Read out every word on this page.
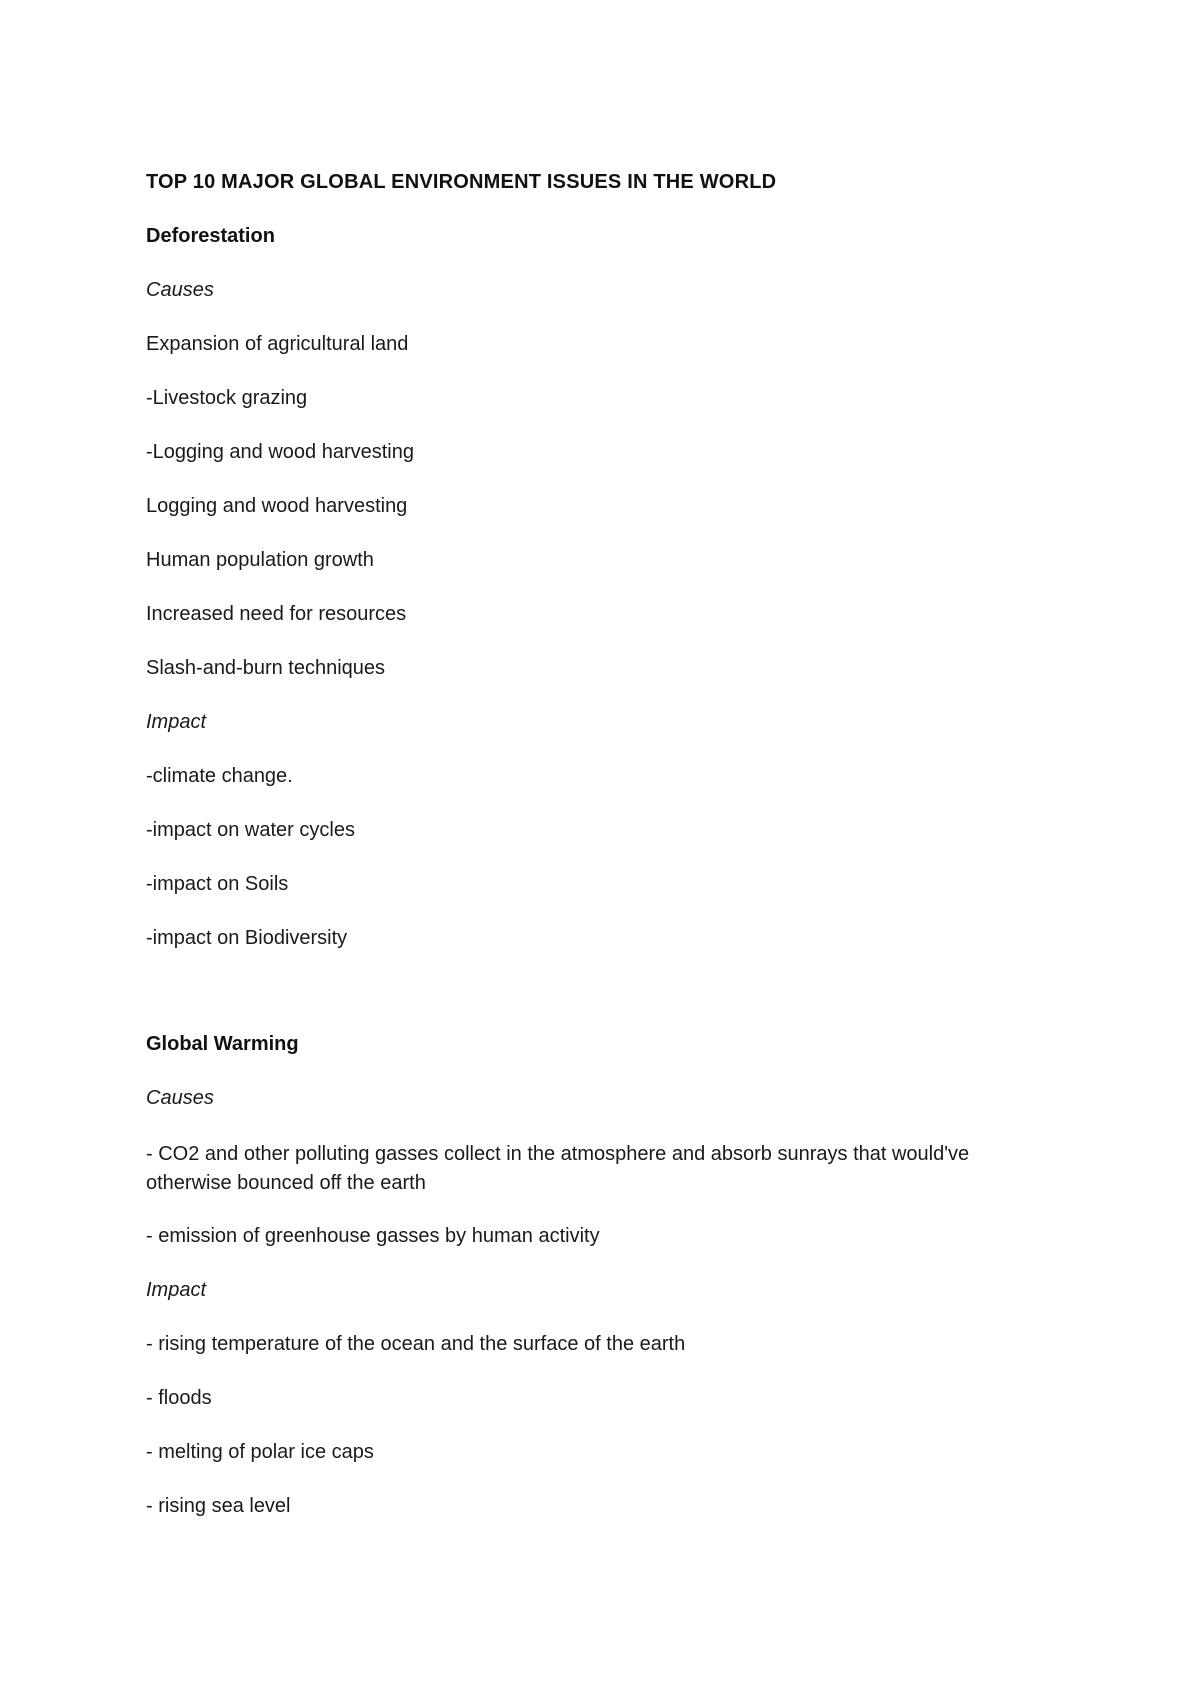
TOP 10 MAJOR GLOBAL ENVIRONMENT ISSUES IN THE WORLD

Deforestation

Causes

Expansion of agricultural land

-Livestock grazing

-Logging and wood harvesting

Logging and wood harvesting

Human population growth

Increased need for resources

Slash-and-burn techniques

Impact

-climate change.

-impact on water cycles

-impact on Soils

-impact on Biodiversity

Global Warming

Causes

- CO2 and other polluting gasses collect in the atmosphere and absorb sunrays that would've otherwise bounced off the earth

- emission of greenhouse gasses by human activity

Impact

- rising temperature of the ocean and the surface of the earth

- floods

- melting of polar ice caps

- rising sea level
